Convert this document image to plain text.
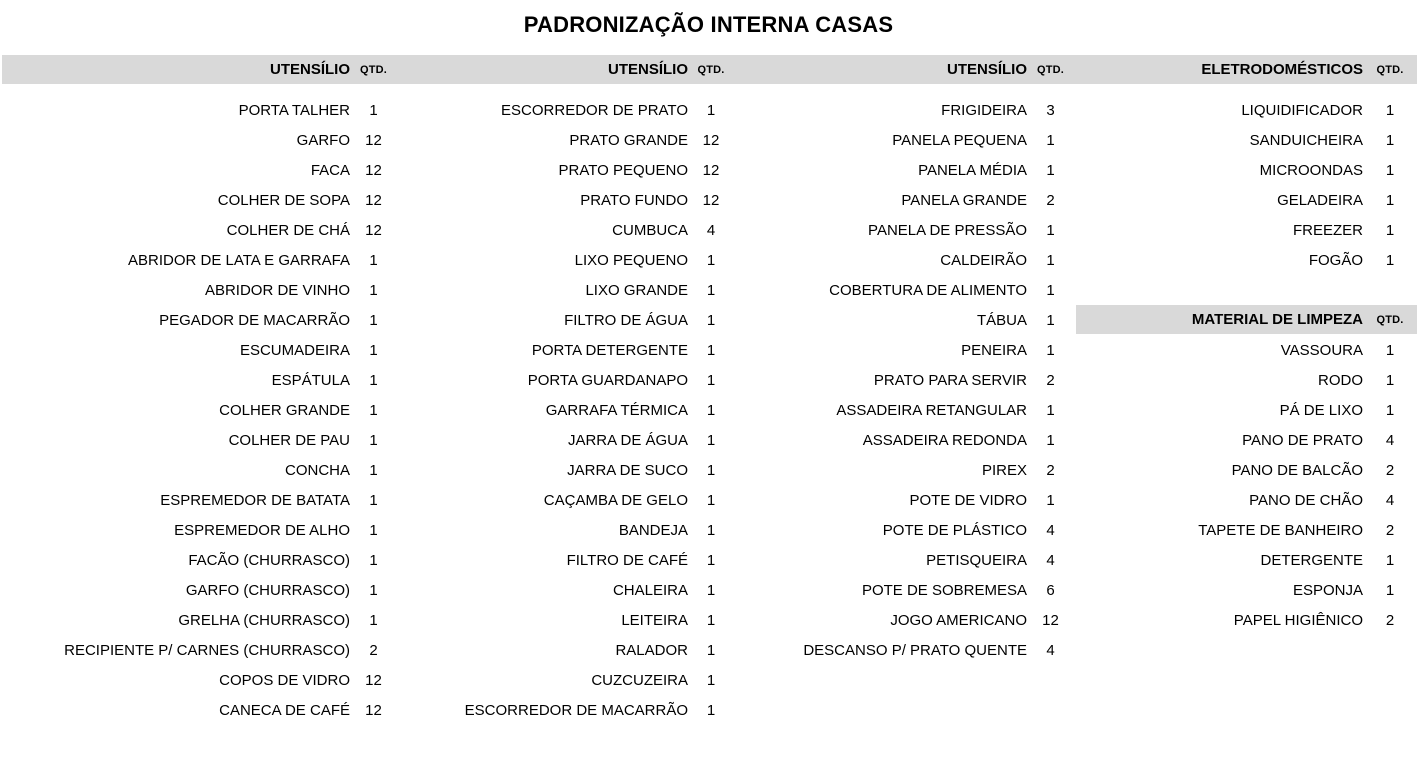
PADRONIZAÇÃO INTERNA CASAS
UTENSÍLIO QTD.	UTENSÍLIO QTD.	UTENSÍLIO QTD.	ELETRODOMÉSTICOS	QTD.
PORTA TALHER	1
GARFO	12
FACA	12
COLHER DE SOPA	12
COLHER DE CHÁ	12
ABRIDOR DE LATA E GARRAFA	1
ABRIDOR DE VINHO	1
PEGADOR DE MACARRÃO	1
ESCUMADEIRA	1
ESPÁTULA	1
COLHER GRANDE	1
COLHER DE PAU	1
CONCHA	1
ESPREMEDOR DE BATATA	1
ESPREMEDOR DE ALHO	1
FACÃO (CHURRASCO)	1
GARFO (CHURRASCO)	1
GRELHA (CHURRASCO)	1
RECIPIENTE P/ CARNES (CHURRASCO)	2
COPOS DE VIDRO	12
CANECA DE CAFÉ	12
ESCORREDOR DE PRATO	1
PRATO GRANDE 12
PRATO PEQUENO 12
PRATO FUNDO 12
CUMBUCA	4
LIXO PEQUENO	1
LIXO GRANDE	1
FILTRO DE ÁGUA	1
PORTA DETERGENTE	1
PORTA GUARDANAPO	1
GARRAFA TÉRMICA	1
JARRA DE ÁGUA	1
JARRA DE SUCO	1
CAÇAMBA DE GELO	1
BANDEJA	1
FILTRO DE CAFÉ	1
CHALEIRA	1
LEITEIRA	1
RALADOR	1
CUZCUZEIRA	1
ESCORREDOR DE MACARRÃO	1
FRIGIDEIRA	3
PANELA PEQUENA	1
PANELA MÉDIA	1
PANELA GRANDE	2
PANELA DE PRESSÃO	1
CALDEIRÃO	1
COBERTURA DE ALIMENTO	1
TÁBUA	1
PENEIRA	1
PRATO PARA SERVIR	2
ASSADEIRA RETANGULAR	1
ASSADEIRA REDONDA	1
PIREX	2
POTE DE VIDRO	1
POTE DE PLÁSTICO	4
PETISQUEIRA	4
POTE DE SOBREMESA	6
JOGO AMERICANO	12
DESCANSO P/ PRATO QUENTE	4
LIQUIDIFICADOR	1
SANDUICHEIRA	1
MICROONDAS	1
GELADEIRA	1
FREEZER	1
FOGÃO	1
MATERIAL DE LIMPEZA	QTD.
VASSOURA	1
RODO	1
PÁ DE LIXO	1
PANO DE PRATO	4
PANO DE BALCÃO	2
PANO DE CHÃO	4
TAPETE DE BANHEIRO	2
DETERGENTE	1
ESPONJA	1
PAPEL HIGIÊNICO	2
